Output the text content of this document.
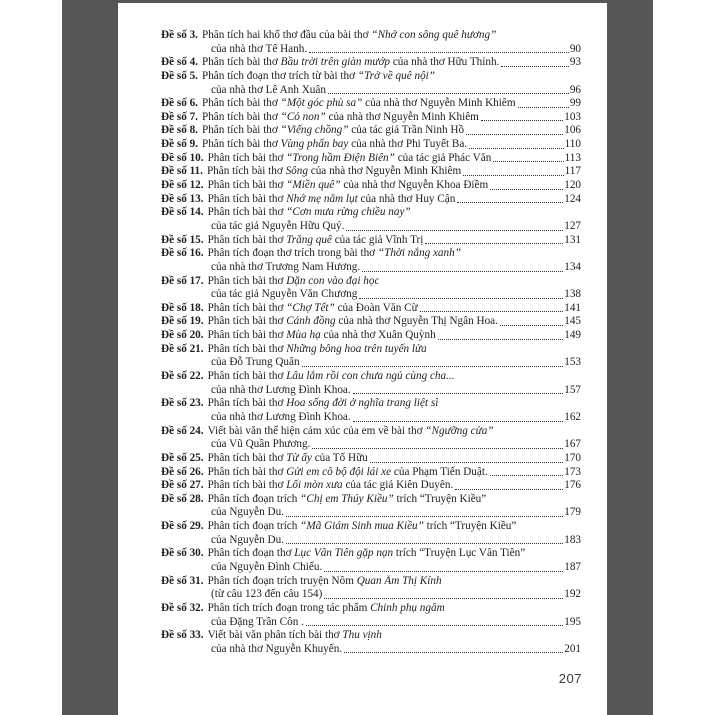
Đề số 3. Phân tích hai khổ thơ đầu của bài thơ “Nhớ con sông quê hương”
của nhà thơ Tế Hanh.	90
Đề số 4. Phân tích bài thơ Bầu trời trên giàn mướp của nhà thơ Hữu Thỉnh.	93
Đề số 5. Phân tích đoạn thơ trích từ bài thơ “Trở về quê nội”
của nhà thơ Lê Anh Xuân	96
Đề số 6. Phân tích bài thơ “Một góc phù sa” của nhà thơ Nguyễn Minh Khiêm	99
Đề số 7. Phân tích bài thơ “Cỏ non” của nhà thơ Nguyễn Minh Khiêm	103
Đề số 8. Phân tích bài thơ “Viếng chồng” của tác giả Trần Ninh Hồ	106
Đề số 9. Phân tích bài thơ Vùng phấn bay của nhà thơ Phi Tuyết Ba.	110
Đề số 10. Phân tích bài thơ “Trong hầm Điện Biên” của tác giả Phác Văn	113
Đề số 11. Phân tích bài thơ Sông của nhà thơ Nguyễn Minh Khiêm	117
Đề số 12. Phân tích bài thơ “Miền quê” của nhà thơ Nguyễn Khoa Điềm	120
Đề số 13. Phân tích bài thơ Nhớ mẹ năm lụt của nhà thơ Huy Cận	124
Đề số 14. Phân tích bài thơ “Cơn mưa rừng chiều nay”
của tác giả Nguyễn Hữu Quý.	127
Đề số 15. Phân tích bài thơ Trăng quê của tác giả Vĩnh Trị	131
Đề số 16. Phân tích đoạn thơ trích trong bài thơ “Thời nắng xanh”
của nhà thơ Trương Nam Hương.	134
Đề số 17. Phân tích bài thơ Dặn con vào đại học
của tác giả Nguyễn Văn Chương	138
Đề số 18. Phân tích bài thơ “Chợ Tết” của Đoàn Văn Cừ	141
Đề số 19. Phân tích bài thơ Cánh đồng của nhà thơ Nguyễn Thị Ngân Hoa.	145
Đề số 20. Phân tích bài thơ Mùa hạ của nhà thơ Xuân Quỳnh	149
Đề số 21. Phân tích bài thơ Những bông hoa trên tuyến lửa
của Đỗ Trung Quân	153
Đề số 22. Phân tích bài thơ Lâu lắm rồi con chưa ngủ cùng cha...
của nhà thơ Lương Đình Khoa.	157
Đề số 23. Phân tích bài thơ Hoa sống đời ở nghĩa trang liệt sĩ
của nhà thơ Lương Đình Khoa.	162
Đề số 24. Viết bài văn thể hiện cảm xúc của em về bài thơ “Ngưỡng cửa”
của Vũ Quần Phương.	167
Đề số 25. Phân tích bài thơ Từ ấy của Tố Hữu	170
Đề số 26. Phân tích bài thơ Gửi em cô bộ đội lái xe của Phạm Tiến Duật.	173
Đề số 27. Phân tích bài thơ Lối mòn xưa của tác giả Kiên Duyên.	176
Đề số 28. Phân tích đoạn trích “Chị em Thúy Kiều” trích “Truyện Kiều”
của Nguyễn Du.	179
Đề số 29. Phân tích đoạn trích “Mã Giám Sinh mua Kiều” trích “Truyện Kiều”
của Nguyễn Du.	183
Đề số 30. Phân tích đoạn thơ Lục Vân Tiên gặp nạn trích “Truyện Lục Vân Tiên”
của Nguyễn Đình Chiểu.	187
Đề số 31. Phân tích đoạn trích truyện Nôm Quan Âm Thị Kính
(từ câu 123 đến câu 154)	192
Đề số 32. Phân tích trích đoạn trong tác phẩm Chinh phụ ngâm
của Đặng Trần Côn .	195
Đề số 33. Viết bài văn phân tích bài thơ Thu vịnh
của nhà thơ Nguyễn Khuyến.	201
207
